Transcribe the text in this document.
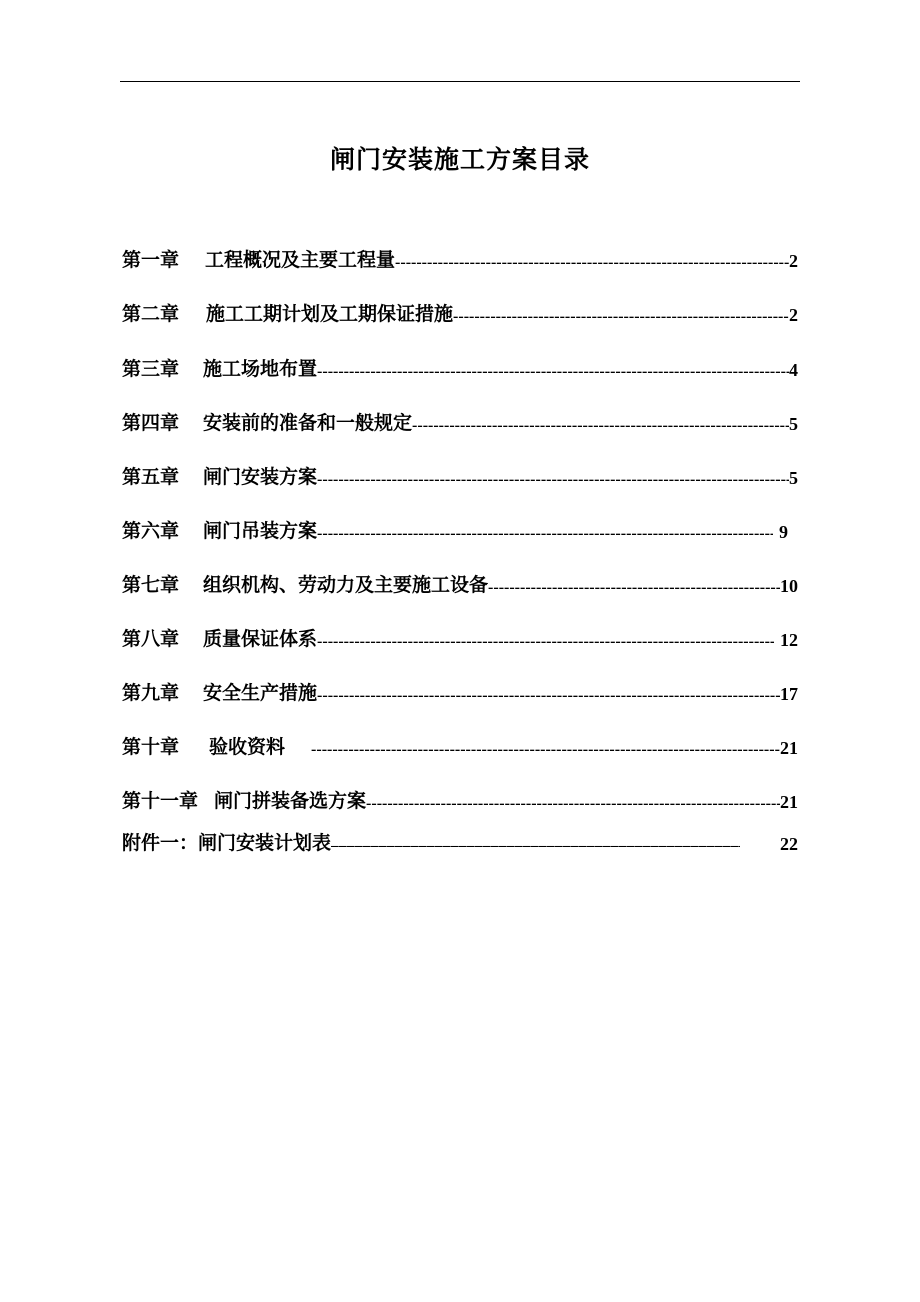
闸门安装施工方案目录
第一章 工程概况及主要工程量 -----	2
第二章 施工工期计划及工期保证措施 -----	2
第三章 施工场地布置 -----	4
第四章 安装前的准备和一般规定 -----	5
第五章 闸门安装方案 -----	5
第六章 闸门吊装方案 -----	9
第七章 组织机构、劳动力及主要施工设备 -----	10
第八章 质量保证体系 -----	12
第九章 安全生产措施 -----	17
第十章 验收资料 -----	21
第十一章 闸门拼装备选方案 -----	21
附件一：闸门安装计划表 –––––	22
